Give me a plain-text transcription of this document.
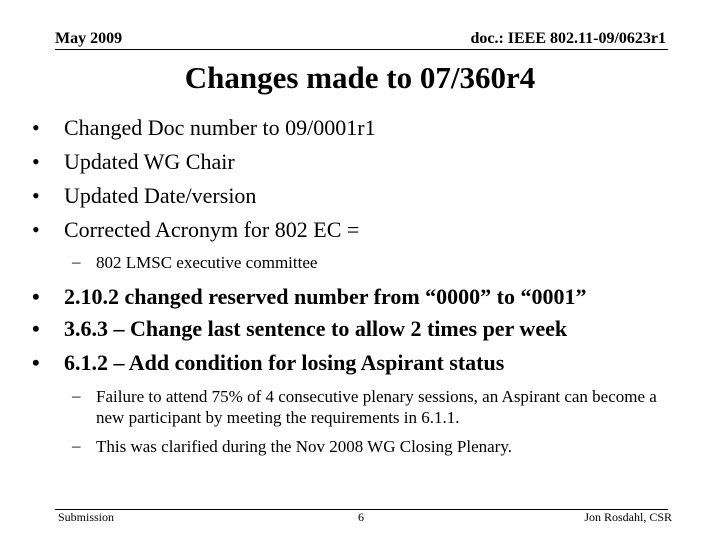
May 2009	doc.: IEEE 802.11-09/0623r1
Changes made to 07/360r4
• Changed Doc number to 09/0001r1
• Updated WG Chair
• Updated Date/version
• Corrected Acronym for 802 EC =
– 802 LMSC executive committee
• 2.10.2 changed reserved number from “0000” to “0001”
• 3.6.3 – Change last sentence to allow 2 times per week
• 6.1.2 – Add condition for losing Aspirant status
– Failure to attend 75% of 4 consecutive plenary sessions, an Aspirant can become a new participant by meeting the requirements in 6.1.1.
– This was clarified during the Nov 2008 WG Closing Plenary.
Submission	6	Jon Rosdahl, CSR
